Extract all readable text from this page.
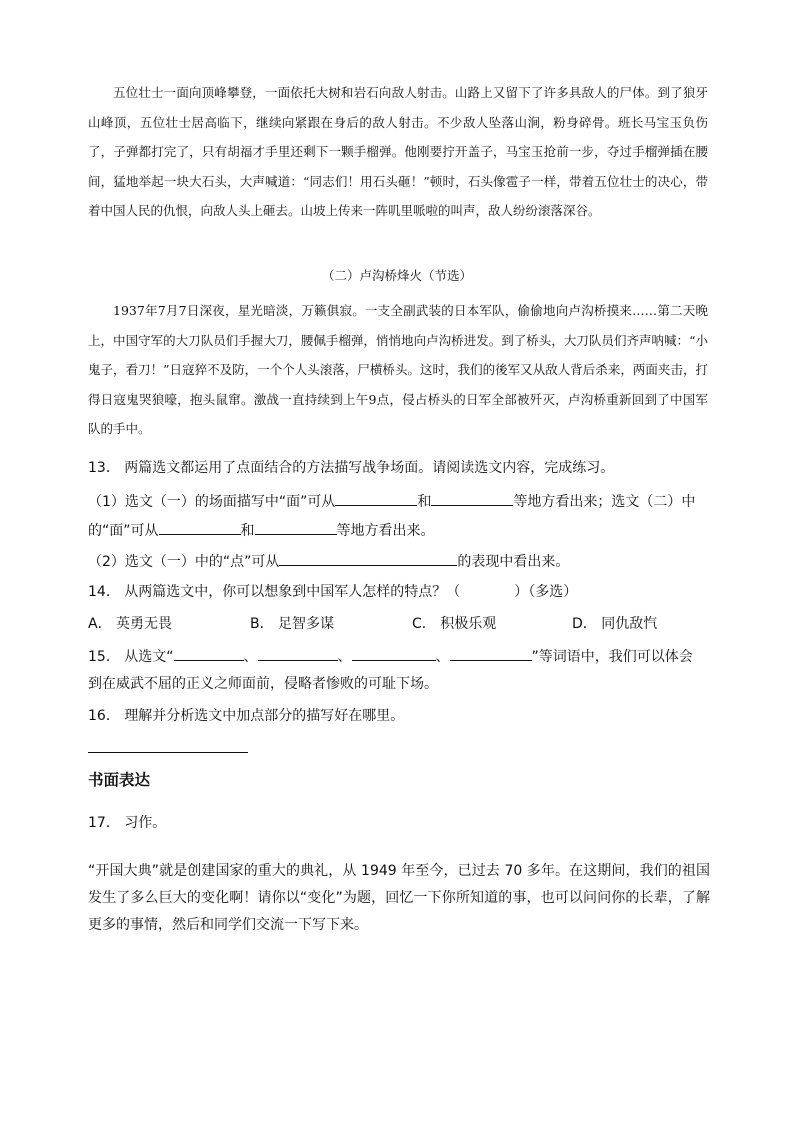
五位壮士一面向顶峰攀登，一面依托大树和岩石向敌人射击。山路上又留下了许多具敌人的尸体。到了狼牙山峰顶，五位壮士居高临下，继续向紧跟在身后的敌人射击。不少敌人坠落山涧，粉身碎骨。班长马宝玉负伤了，子弹都打完了，只有胡福才手里还剩下一颗手榴弹。他刚要拧开盖子，马宝玉抢前一步，夺过手榴弹插在腰间，猛地举起一块大石头，大声喊道：“同志们！用石头砸！”顿时，石头像雹子一样，带着五位壮士的决心，带着中国人民的仇恨，向敌人头上砸去。山坡上传来一阵叽里哌啦的叫声，敌人纷纷滚落深谷。

（二）卢沟桥烽火（节选）

1937年7月7日深夜，星光暗淡，万籁俱寂。一支全副武装的日本军队，偷偷地向卢沟桥摸来……第二天晚上，中国守军的大刀队员们手握大刀，腰佩手榴弹，悄悄地向卢沟桥进发。到了桥头，大刀队员们齐声呐喊：“小鬼子，看刀！”日寇猝不及防，一个个人头滚落，尸横桥头。这时，我们的後军又从敌人背后杀来，两面夹击，打得日寇鬼哭狼嚎，抱头鼠窜。激战一直持续到上午9点，侵占桥头的日军全部被歼灭，卢沟桥重新回到了中国军队的手中。

13． 两篇选文都运用了点面结合的方法描写战争场面。请阅读选文内容，完成练习。
（1）选文（一）的场面描写中“面”可从	和	等地方看出来；选文（二）中
的“面”可从	和	等地方看出来。
（2）选文（一）中的“点”可从	的表现中看出来。
14． 从两篇选文中，你可以想象到中国军人怎样的特点？（	）（多选）
A． 英勇无畏	B． 足智多谋	C． 积极乐观	D． 同仇敌忾
15． 从选文“	、	、	、	”等词语中，我们可以体会
到在威武不屈的正义之师面前，侵略者惨败的可耻下场。
16． 理解并分析选文中加点部分的描写好在哪里。
书面表达
17． 习作。
“开国大典”就是创建国家的重大的典礼，从 1949 年至今，已过去 70 多年。在这期间，我们的祖国发生了多么巨大的变化啊！请你以“变化”为题，回忆一下你所知道的事，也可以问问你的长辈，了解更多的事情，然后和同学们交流一下写下来。
